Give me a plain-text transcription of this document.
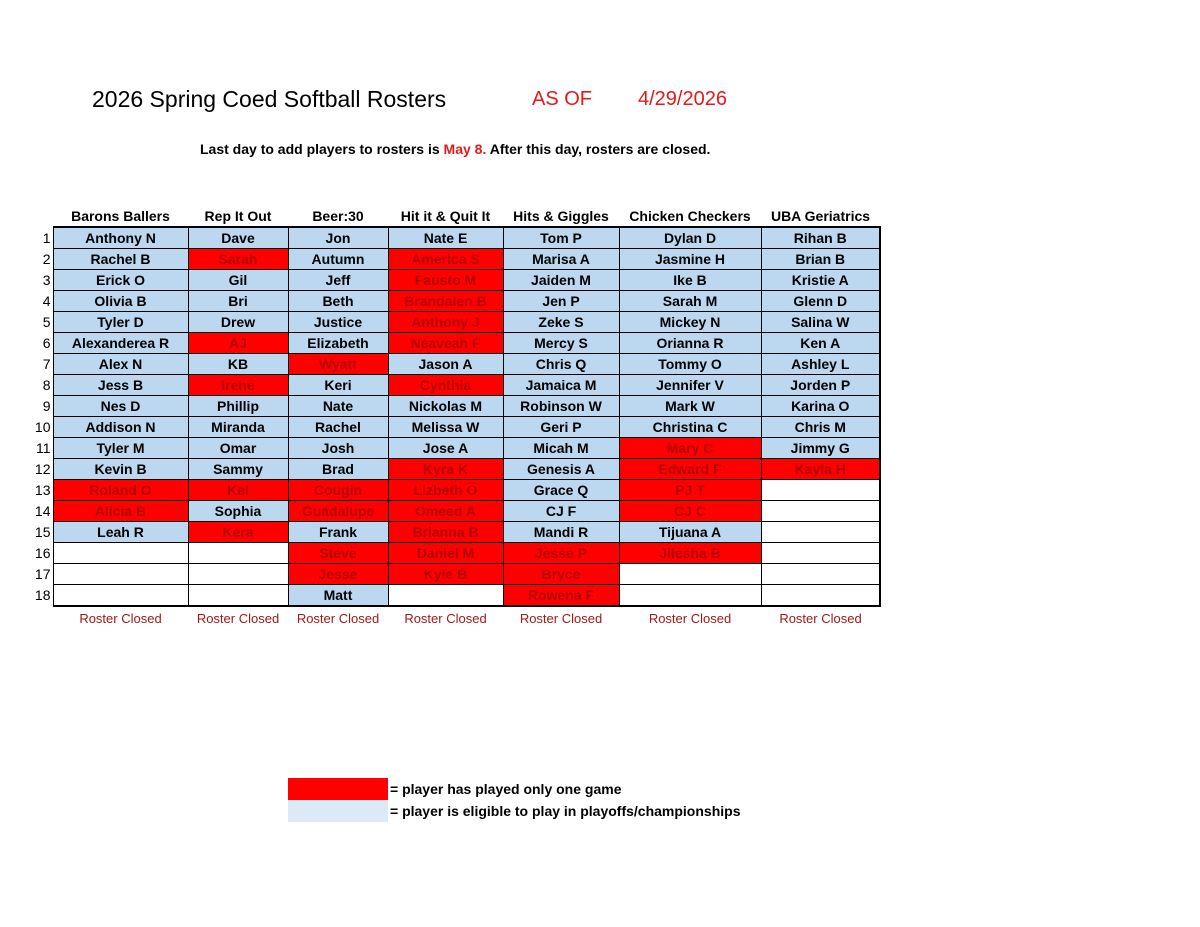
2026 Spring Coed Softball Rosters	AS OF 4/29/2026
Last day to add players to rosters is May 8. After this day, rosters are closed.
	Barons Ballers	Rep It Out	Beer:30	Hit it & Quit It	Hits & Giggles	Chicken Checkers	UBA Geriatrics
1	Anthony N	Dave	Jon	Nate E	Tom P	Dylan D	Rihan B
2	Rachel B	Sarah	Autumn	America S	Marisa A	Jasmine H	Brian B
3	Erick O	Gil	Jeff	Fausto M	Jaiden M	Ike B	Kristie A
4	Olivia B	Bri	Beth	Brandalen B	Jen P	Sarah M	Glenn D
5	Tyler D	Drew	Justice	Anthony J	Zeke S	Mickey N	Salina W
6	Alexanderea R	AJ	Elizabeth	Neaveah F	Mercy S	Orianna R	Ken A
7	Alex N	KB	Wyatt	Jason A	Chris Q	Tommy O	Ashley L
8	Jess B	Irene	Keri	Cynthia	Jamaica M	Jennifer V	Jorden P
9	Nes D	Phillip	Nate	Nickolas M	Robinson W	Mark W	Karina O
10	Addison N	Miranda	Rachel	Melissa W	Geri P	Christina C	Chris M
11	Tyler M	Omar	Josh	Jose A	Micah M	Mary C	Jimmy G
12	Kevin B	Sammy	Brad	Kyra K	Genesis A	Edward F	Kayla H
13	Roland O	Kel	Cougin	Lizbeth O	Grace Q	PJ T	
14	Alicia B	Sophia	Guadalupe	Omeed A	CJ F	CJ C	
15	Leah R	Kera	Frank	Brianna B	Mandi R	Tijuana A	
16			Steve	Daniel M	Jesse P	Jilesha B	
17			Jesse	Kyle B	Bryce		
18			Matt		Rowena F		
	Roster Closed	Roster Closed	Roster Closed	Roster Closed	Roster Closed	Roster Closed	Roster Closed
= player has played only one game
= player is eligible to play in playoffs/championships
